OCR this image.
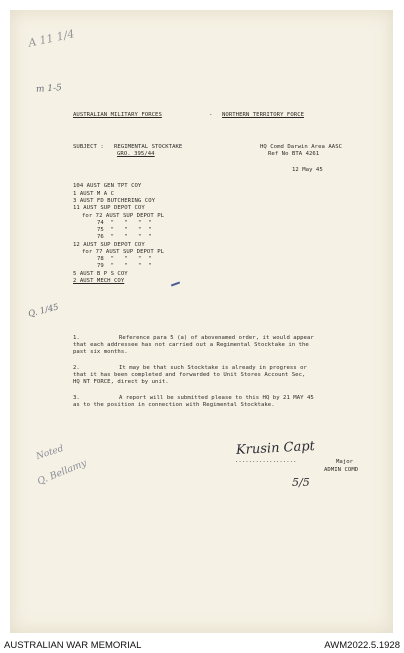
A 11 1/4
m 1-5
AUSTRALIAN MILITARY FORCES	- NORTHERN TERRITORY FORCE
SUBJECT : REGIMENTAL STOCKTAKE
GRO. 395/44
HQ Comd Darwin Area AASC
Ref No BTA 4261
12 May 45
104 AUST GEN TPT COY
1 AUST M A C
3 AUST FD BUTCHERING COY
11 AUST SUP DEPOT COY
for 72 AUST SUP DEPOT PL
74  "   "   "  "
75  "   "   "  "
76  "   "   "  "
12 AUST SUP DEPOT COY
for 77 AUST SUP DEPOT PL
78  "   "   "  "
79  "   "   "  "
5 AUST B P S COY
2 AUST MECH COY
Q. 1/45
1.	Reference para 5 (a) of abovenamed order, it would appear
that each addressee has not carried out a Regimental Stocktake in the
past six months.
2.	It may be that such Stocktake is already in progress or
that it has been completed and forwarded to Unit Stores Account Sec,
HQ NT FORCE, direct by unit.
3.	A report will be submitted please to this HQ by 21 MAY 45
as to the position in connection with Regimental Stocktake.
Noted
Q. Bellamy
Krusin Capt
..................	Major
ADMIN COMD
5/5
AUSTRALIAN WAR MEMORIAL	AWM2022.5.1928
